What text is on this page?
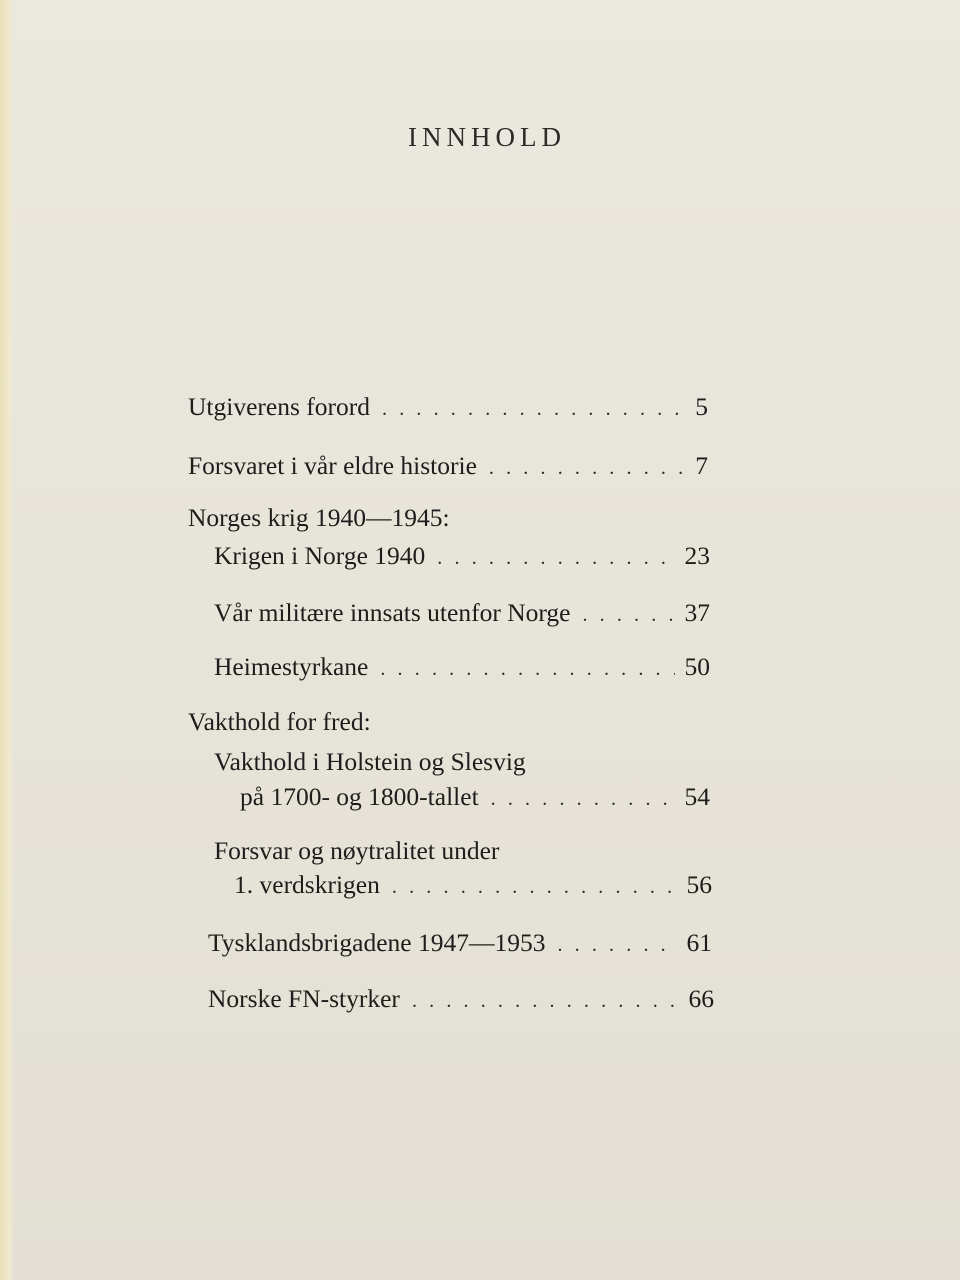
INNHOLD
Utgiverens forord . . .	5
Forsvaret i vår eldre historie . . .	7
Norges krig 1940—1945:
Krigen i Norge 1940 . . .	23
Vår militære innsats utenfor Norge . . .	37
Heimestyrkane . . .	50
Vakthold for fred:
Vakthold i Holstein og Slesvig
på 1700- og 1800-tallet . . .	54
Forsvar og nøytralitet under
1. verdskrigen . . .	56
Tysklandsbrigadene 1947—1953 . . .	61
Norske FN-styrker . . .	66
